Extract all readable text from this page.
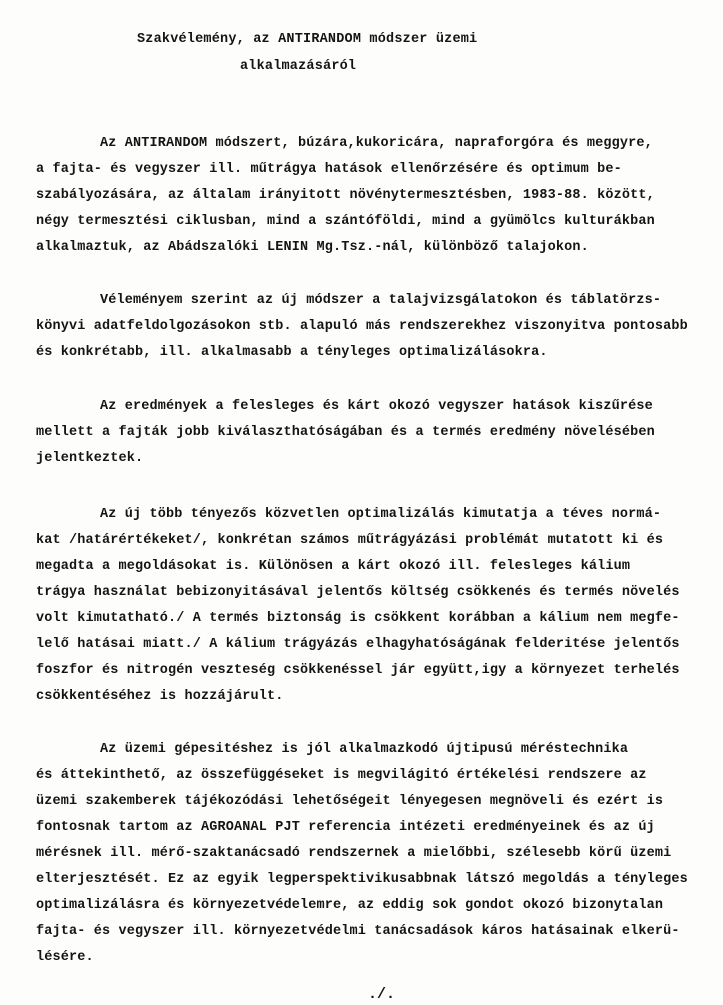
Szakvélemény, az ANTIRANDOM módszer üzemi
alkalmazásáról
Az ANTIRANDOM módszert, búzára,kukoricára, napraforgóra és meggyre,
a fajta- és vegyszer ill. műtrágya hatások ellenőrzésére és optimum be-
szabályozására, az általam irányitott növénytermesztésben, 1983-88. között,
négy termesztési ciklusban, mind a szántóföldi, mind a gyümölcs kulturákban
alkalmaztuk, az Abádszalóki LENIN Mg.Tsz.-nál, különböző talajokon.
Véleményem szerint az új módszer a talajvizsgálatokon és táblatörzs-
könyvi adatfeldolgozásokon stb. alapuló más rendszerekhez viszonyitva pontosabb
és konkrétabb, ill. alkalmasabb a tényleges optimalizálásokra.
Az eredmények a felesleges és kárt okozó vegyszer hatások kiszűrése
mellett a fajták jobb kiválaszthatóságában és a termés eredmény növelésében
jelentkeztek.
Az új több tényezős közvetlen optimalizálás kimutatja a téves normá-
kat /határértékeket/, konkrétan számos műtrágyázási problémát mutatott ki és
megadta a megoldásokat is. Különösen a kárt okozó ill. felesleges kálium
trágya használat bebizonyitásával jelentős költség csökkenés és termés növelés
volt kimutatható./ A termés biztonság is csökkent korábban a kálium nem megfe-
lelő hatásai miatt./ A kálium trágyázás elhagyhatóságának felderitése jelentős
foszfor és nitrogén veszteség csökkenéssel jár együtt,igy a környezet terhelés
csökkentéséhez is hozzájárult.
Az üzemi gépesitéshez is jól alkalmazkodó újtipusú méréstechnika
és áttekinthető, az összefüggéseket is megvilágitó értékelési rendszere az
üzemi szakemberek tájékozódási lehetőségeit lényegesen megnöveli és ezért is
fontosnak tartom az AGROANAL PJT referencia intézeti eredményeinek és az új
mérésnek ill. mérő-szaktanácsadó rendszernek a mielőbbi, szélesebb körű üzemi
elterjesztését. Ez az egyik legperspektivikusabbnak látszó megoldás a tényleges
optimalizálásra és környezetvédelemre, az eddig sok gondot okozó bizonytalan
fajta- és vegyszer ill. környezetvédelmi tanácsadások káros hatásainak elkerü-
lésére.
./.
